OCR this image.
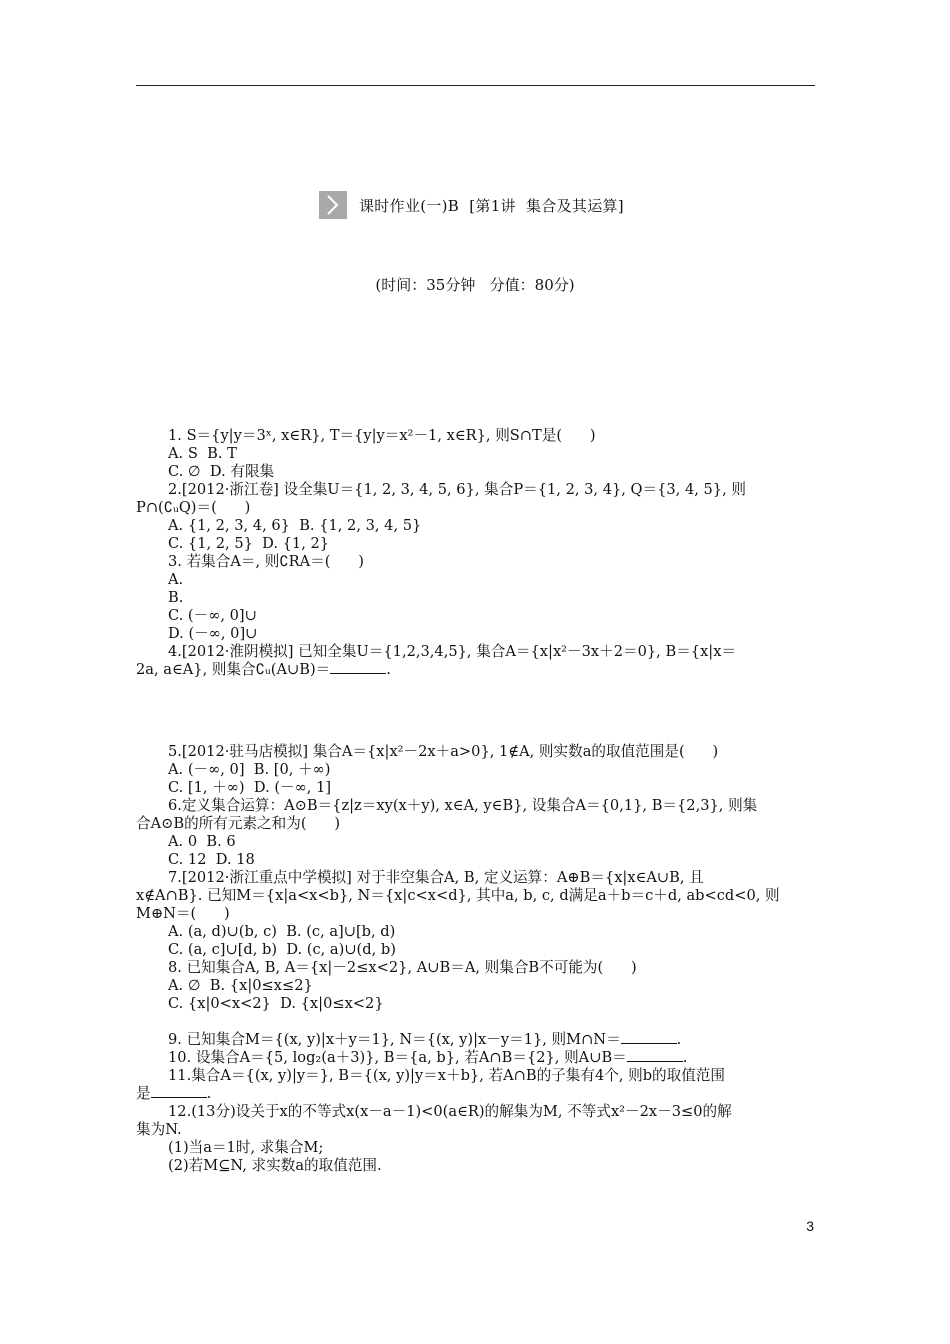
课时作业(一)B  [第1讲  集合及其运算]
(时间：35分钟   分值：80分)
1. S＝{y|y＝3ˣ, x∈R}, T＝{y|y＝x²－1, x∈R}, 则S∩T是(      )
A. S  B. T
C. ∅  D. 有限集
2.[2012·浙江卷] 设全集U＝{1, 2, 3, 4, 5, 6}, 集合P＝{1, 2, 3, 4}, Q＝{3, 4, 5}, 则
P∩(∁ᵤQ)＝(      )
A. {1, 2, 3, 4, 6}  B. {1, 2, 3, 4, 5}
C. {1, 2, 5}  D. {1, 2}
3. 若集合A＝, 则∁RA＝(      )
A.
B.
C. (－∞, 0]∪
D. (－∞, 0]∪
4.[2012·淮阴模拟] 已知全集U＝{1,2,3,4,5}, 集合A＝{x|x²－3x＋2＝0}, B＝{x|x＝
2a, a∈A}, 则集合∁ᵤ(A∪B)＝	.
5.[2012·驻马店模拟] 集合A＝{x|x²－2x＋a>0}, 1∉A, 则实数a的取值范围是(      )
A. (－∞, 0]  B. [0, ＋∞)
C. [1, ＋∞)  D. (－∞, 1]
6.定义集合运算：A⊙B＝{z|z＝xy(x＋y), x∈A, y∈B}, 设集合A＝{0,1}, B＝{2,3}, 则集
合A⊙B的所有元素之和为(      )
A. 0  B. 6
C. 12  D. 18
7.[2012·浙江重点中学模拟] 对于非空集合A, B, 定义运算：A⊕B＝{x|x∈A∪B, 且
x∉A∩B}. 已知M＝{x|a<x<b}, N＝{x|c<x<d}, 其中a, b, c, d满足a＋b＝c＋d, ab<cd<0, 则
M⊕N＝(      )
A. (a, d)∪(b, c)  B. (c, a]∪[b, d)
C. (a, c]∪[d, b)  D. (c, a)∪(d, b)
8. 已知集合A, B, A＝{x|－2≤x<2}, A∪B＝A, 则集合B不可能为(      )
A. ∅  B. {x|0≤x≤2}
C. {x|0<x<2}  D. {x|0≤x<2}
9. 已知集合M＝{(x, y)|x＋y＝1}, N＝{(x, y)|x－y＝1}, 则M∩N＝	.
10. 设集合A＝{5, log₂(a＋3)}, B＝{a, b}, 若A∩B＝{2}, 则A∪B＝	.
11.集合A＝{(x, y)|y＝}, B＝{(x, y)|y＝x＋b}, 若A∩B的子集有4个, 则b的取值范围
是	.
12.(13分)设关于x的不等式x(x－a－1)<0(a∈R)的解集为M, 不等式x²－2x－3≤0的解
集为N.
(1)当a＝1时, 求集合M;
(2)若M⊆N, 求实数a的取值范围.
3
